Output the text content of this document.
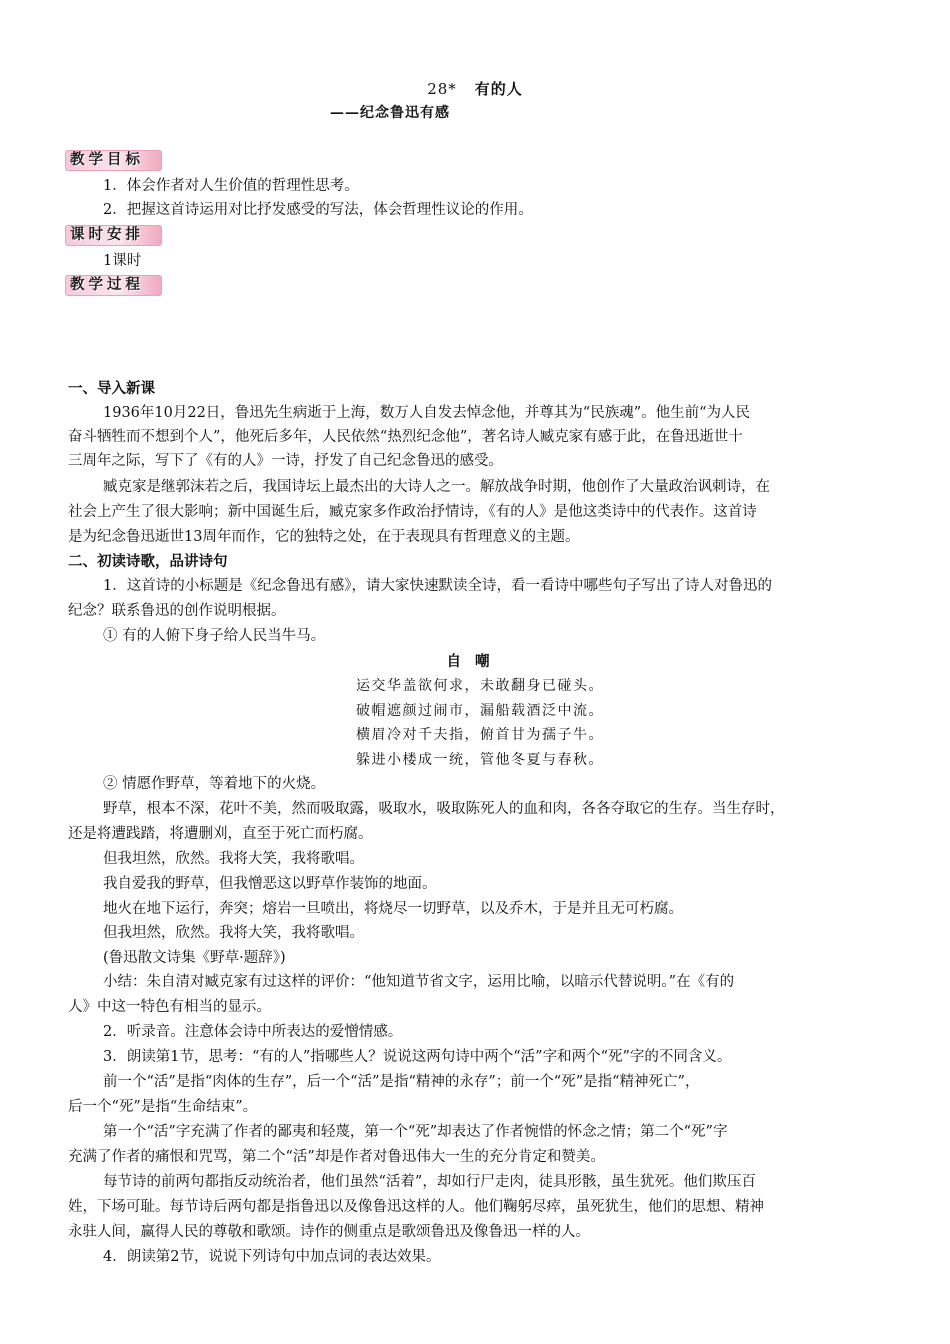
28* 有的人
——纪念鲁迅有感
教学目标
1．体会作者对人生价值的哲理性思考。
2．把握这首诗运用对比抒发感受的写法，体会哲理性议论的作用。
课时安排
1课时
教学过程
一、导入新课
1936年10月22日，鲁迅先生病逝于上海，数万人自发去悼念他，并尊其为“民族魂”。他生前“为人民
奋斗牺牲而不想到个人”，他死后多年，人民依然“热烈纪念他”，著名诗人臧克家有感于此，在鲁迅逝世十
三周年之际，写下了《有的人》一诗，抒发了自己纪念鲁迅的感受。
臧克家是继郭沫若之后，我国诗坛上最杰出的大诗人之一。解放战争时期，他创作了大量政治讽刺诗，在
社会上产生了很大影响；新中国诞生后，臧克家多作政治抒情诗，《有的人》是他这类诗中的代表作。这首诗
是为纪念鲁迅逝世13周年而作，它的独特之处，在于表现具有哲理意义的主题。
二、初读诗歌，品讲诗句
1．这首诗的小标题是《纪念鲁迅有感》，请大家快速默读全诗，看一看诗中哪些句子写出了诗人对鲁迅的
纪念？联系鲁迅的创作说明根据。
① 有的人俯下身子给人民当牛马。
自嘲
运交华盖欲何求，未敢翻身已碰头。
破帽遮颜过闹市，漏船载酒泛中流。
横眉冷对千夫指，俯首甘为孺子牛。
躲进小楼成一统，管他冬夏与春秋。
② 情愿作野草，等着地下的火烧。
野草，根本不深，花叶不美，然而吸取露，吸取水，吸取陈死人的血和肉，各各夺取它的生存。当生存时，
还是将遭践踏，将遭删刈，直至于死亡而朽腐。
但我坦然，欣然。我将大笑，我将歌唱。
我自爱我的野草，但我憎恶这以野草作装饰的地面。
地火在地下运行，奔突；熔岩一旦喷出，将烧尽一切野草，以及乔木，于是并且无可朽腐。
但我坦然，欣然。我将大笑，我将歌唱。
(鲁迅散文诗集《野草·题辞》)
小结：朱自清对臧克家有过这样的评价：“他知道节省文字，运用比喻，以暗示代替说明。”在《有的
人》中这一特色有相当的显示。
2．听录音。注意体会诗中所表达的爱憎情感。
3．朗读第1节，思考：“有的人”指哪些人？说说这两句诗中两个“活”字和两个“死”字的不同含义。
前一个“活”是指“肉体的生存”，后一个“活”是指“精神的永存”；前一个“死”是指“精神死亡”，
后一个“死”是指“生命结束”。
第一个“活”字充满了作者的鄙夷和轻蔑，第一个“死”却表达了作者惋惜的怀念之情；第二个“死”字
充满了作者的痛恨和咒骂，第二个“活”却是作者对鲁迅伟大一生的充分肯定和赞美。
每节诗的前两句都指反动统治者，他们虽然“活着”，却如行尸走肉，徒具形骸，虽生犹死。他们欺压百
姓，下场可耻。每节诗后两句都是指鲁迅以及像鲁迅这样的人。他们鞠躬尽瘁，虽死犹生，他们的思想、精神
永驻人间，赢得人民的尊敬和歌颂。诗作的侧重点是歌颂鲁迅及像鲁迅一样的人。
4．朗读第2节，说说下列诗句中加点词的表达效果。
